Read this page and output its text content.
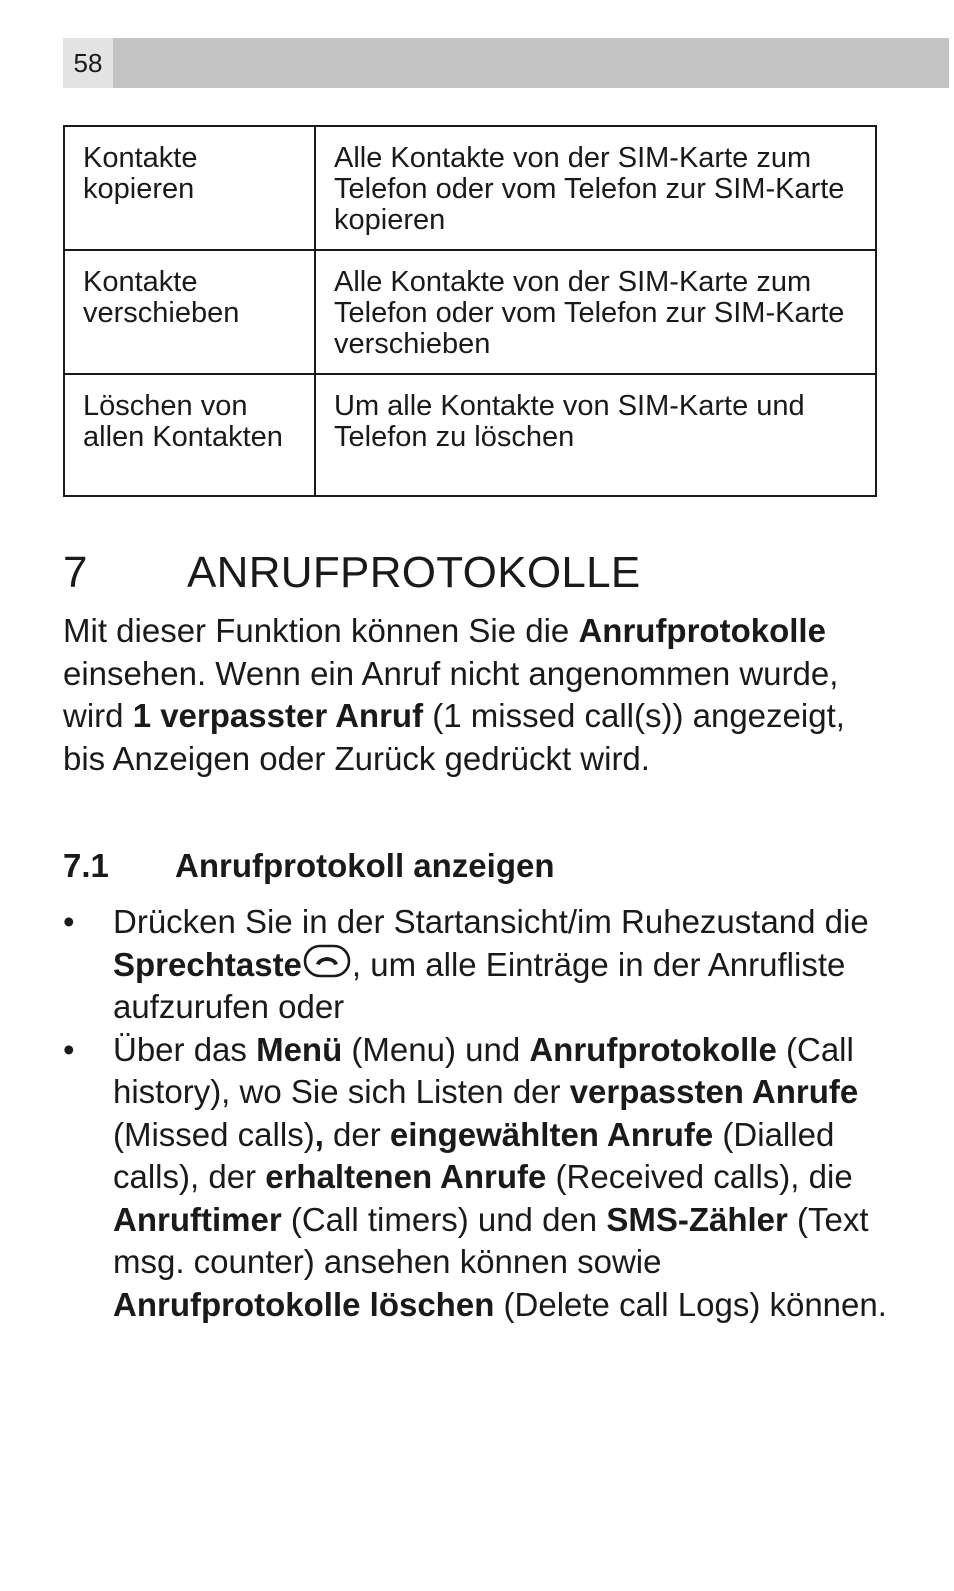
58
Kontakte kopieren	Alle Kontakte von der SIM-Karte zum Telefon oder vom Telefon zur SIM-Karte kopieren
Kontakte verschieben	Alle Kontakte von der SIM-Karte zum Telefon oder vom Telefon zur SIM-Karte verschieben
Löschen von allen Kontakten	Um alle Kontakte von SIM-Karte und Telefon zu löschen
7 ANRUFPROTOKOLLE

Mit dieser Funktion können Sie die Anrufprotokolle einsehen. Wenn ein Anruf nicht angenommen wurde, wird 1 verpasster Anruf (1 missed call(s)) angezeigt, bis Anzeigen oder Zurück gedrückt wird.

7.1 Anrufprotokoll anzeigen
• Drücken Sie in der Startansicht/im Ruhezustand die Sprechtaste , um alle Einträge in der Anrufliste aufzurufen oder
• Über das Menü (Menu) und Anrufprotokolle (Call history), wo Sie sich Listen der verpassten Anrufe (Missed calls), der eingewählten Anrufe (Dialled calls), der erhaltenen Anrufe (Received calls), die Anruftimer (Call timers) und den SMS-Zähler (Text msg. counter) ansehen können sowie Anrufprotokolle löschen (Delete call Logs) können.
